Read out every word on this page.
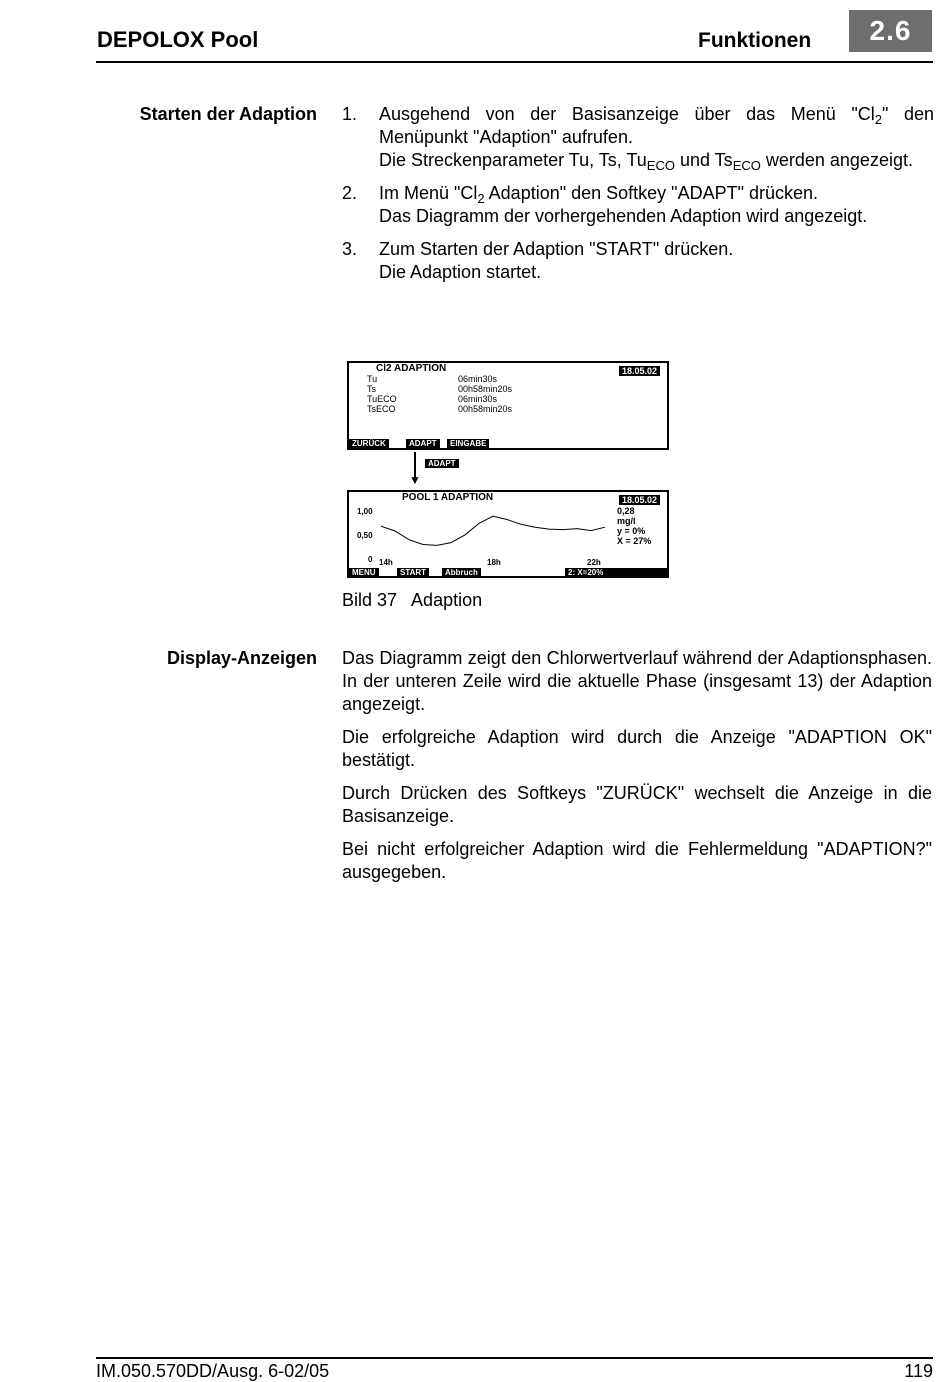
DEPOLOX Pool	Funktionen	2.6
Starten der Adaption 1.	Ausgehend von der Basisanzeige über das Menü "$Cl_2$" den Menüpunkt "Adaption" aufrufen.

Die Streckenparameter Tu, Ts, $Tu_{ECO}$ und $Ts_{ECO}$ werden angezeigt.

2.	Im Menü "$Cl_2$ Adaption" den Softkey "ADAPT" drücken.

Das Diagramm der vorhergehenden Adaption wird angezeigt.

3.	Zum Starten der Adaption "START" drücken.

Die Adaption startet.

Cl2 ADAPTION	18.05.02
Tu	06min30s
Ts	00h58min20s
TuECO	06min30s
TsECO	00h58min20s
ZURÜCK	ADAPT	EINGABE
▼
ADAPT
POOL 1 ADAPTION	18.05.02
1,00
0,50
0 14h	18h	22h
0,28
mg/l
y = 0%
X = 27%
MENU	START	Abbruch	2: X=20%
Bild 37 Adaption
Display-Anzeigen Das Diagramm zeigt den Chlorwertverlauf während der Adaptionsphasen. In der unteren Zeile wird die aktuelle Phase (insgesamt 13) der Adaption angezeigt.

Die erfolgreiche Adaption wird durch die Anzeige "ADAPTION OK" bestätigt.

Durch Drücken des Softkeys "ZURÜCK" wechselt die Anzeige in die Basisanzeige.

Bei nicht erfolgreicher Adaption wird die Fehlermeldung "ADAPTION?" ausgegeben.

IM.050.570DD/Ausg. 6-02/05	119
